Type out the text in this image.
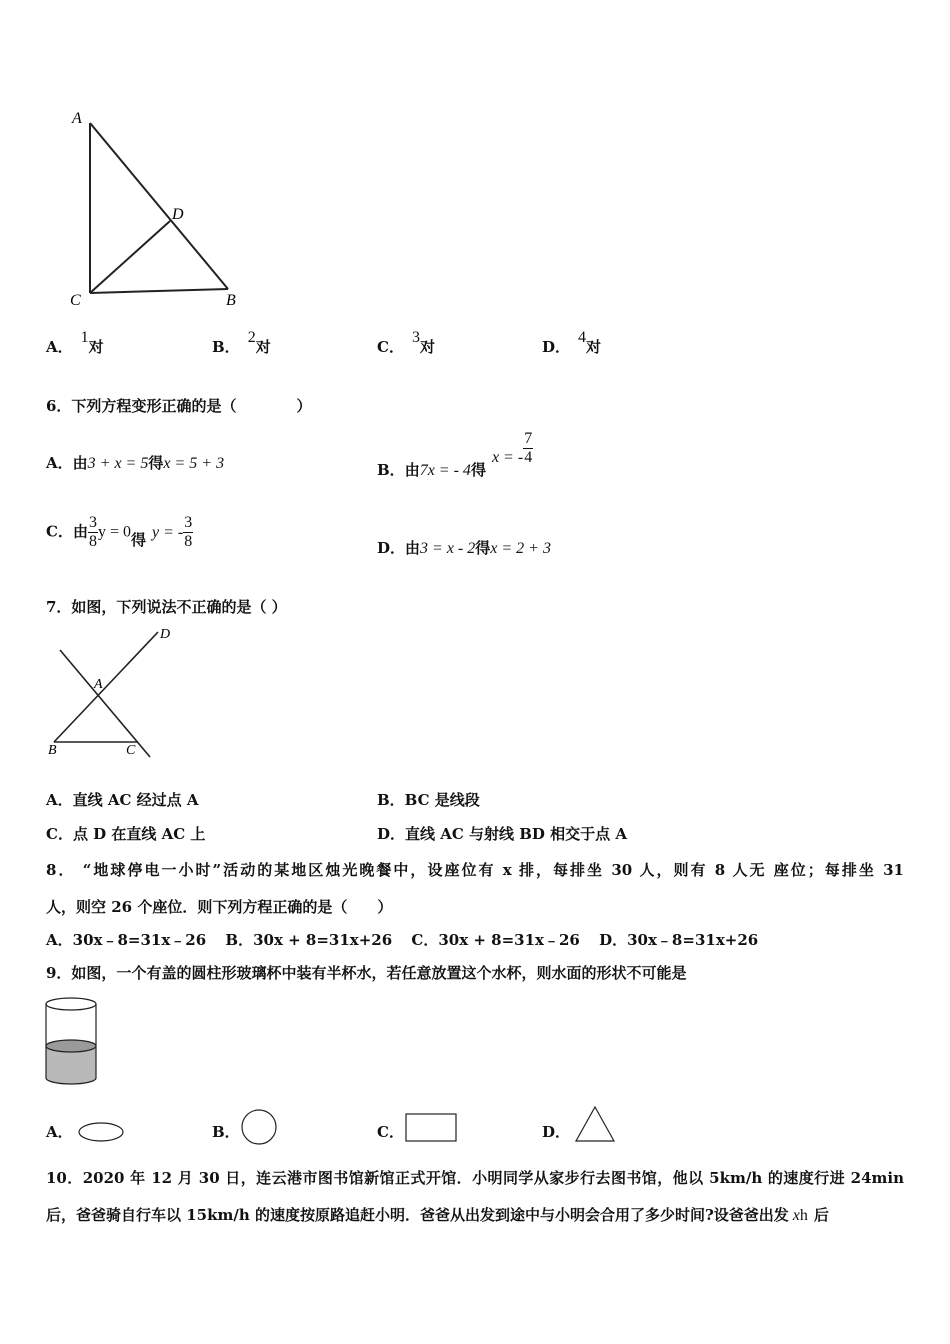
A
C	B
D
A．1对	B．2对	C．3对	D．4对
6．下列方程变形正确的是（　　　　）
A．由3 + x = 5得x = 5 + 3	B．由7x = - 4得x = - $\frac{7}{4}$
C．由 $\frac{3}{8}$ y = 0得 y = - $\frac{3}{8}$	D．由3 = x - 2得x = 2 + 3
7．如图，下列说法不正确的是（ ）
D
A
B	C
A．直线 AC 经过点 A	B．BC 是线段
C．点 D 在直线 AC 上	D．直线 AC 与射线 BD 相交于点 A
8． “地球停电一小时”活动的某地区烛光晚餐中，设座位有 x 排，每排坐 30 人，则有 8 人无 座位；每排坐 31
人，则空 26 个座位．则下列方程正确的是（　　）
A．30x﹣8=31x﹣26 B．30x + 8=31x+26 C．30x + 8=31x﹣26 D．30x﹣8=31x+26
9．如图，一个有盖的圆柱形玻璃杯中装有半杯水，若任意放置这个水杯，则水面的形状不可能是
A．	B．	C．	D．
10．2020 年 12 月 30 日，连云港市图书馆新馆正式开馆．小明同学从家步行去图书馆，他以 5km/h 的速度行进 24min
后，爸爸骑自行车以 15km/h 的速度按原路追赶小明．爸爸从出发到途中与小明会合用了多少时间?设爸爸出发 xh 后
